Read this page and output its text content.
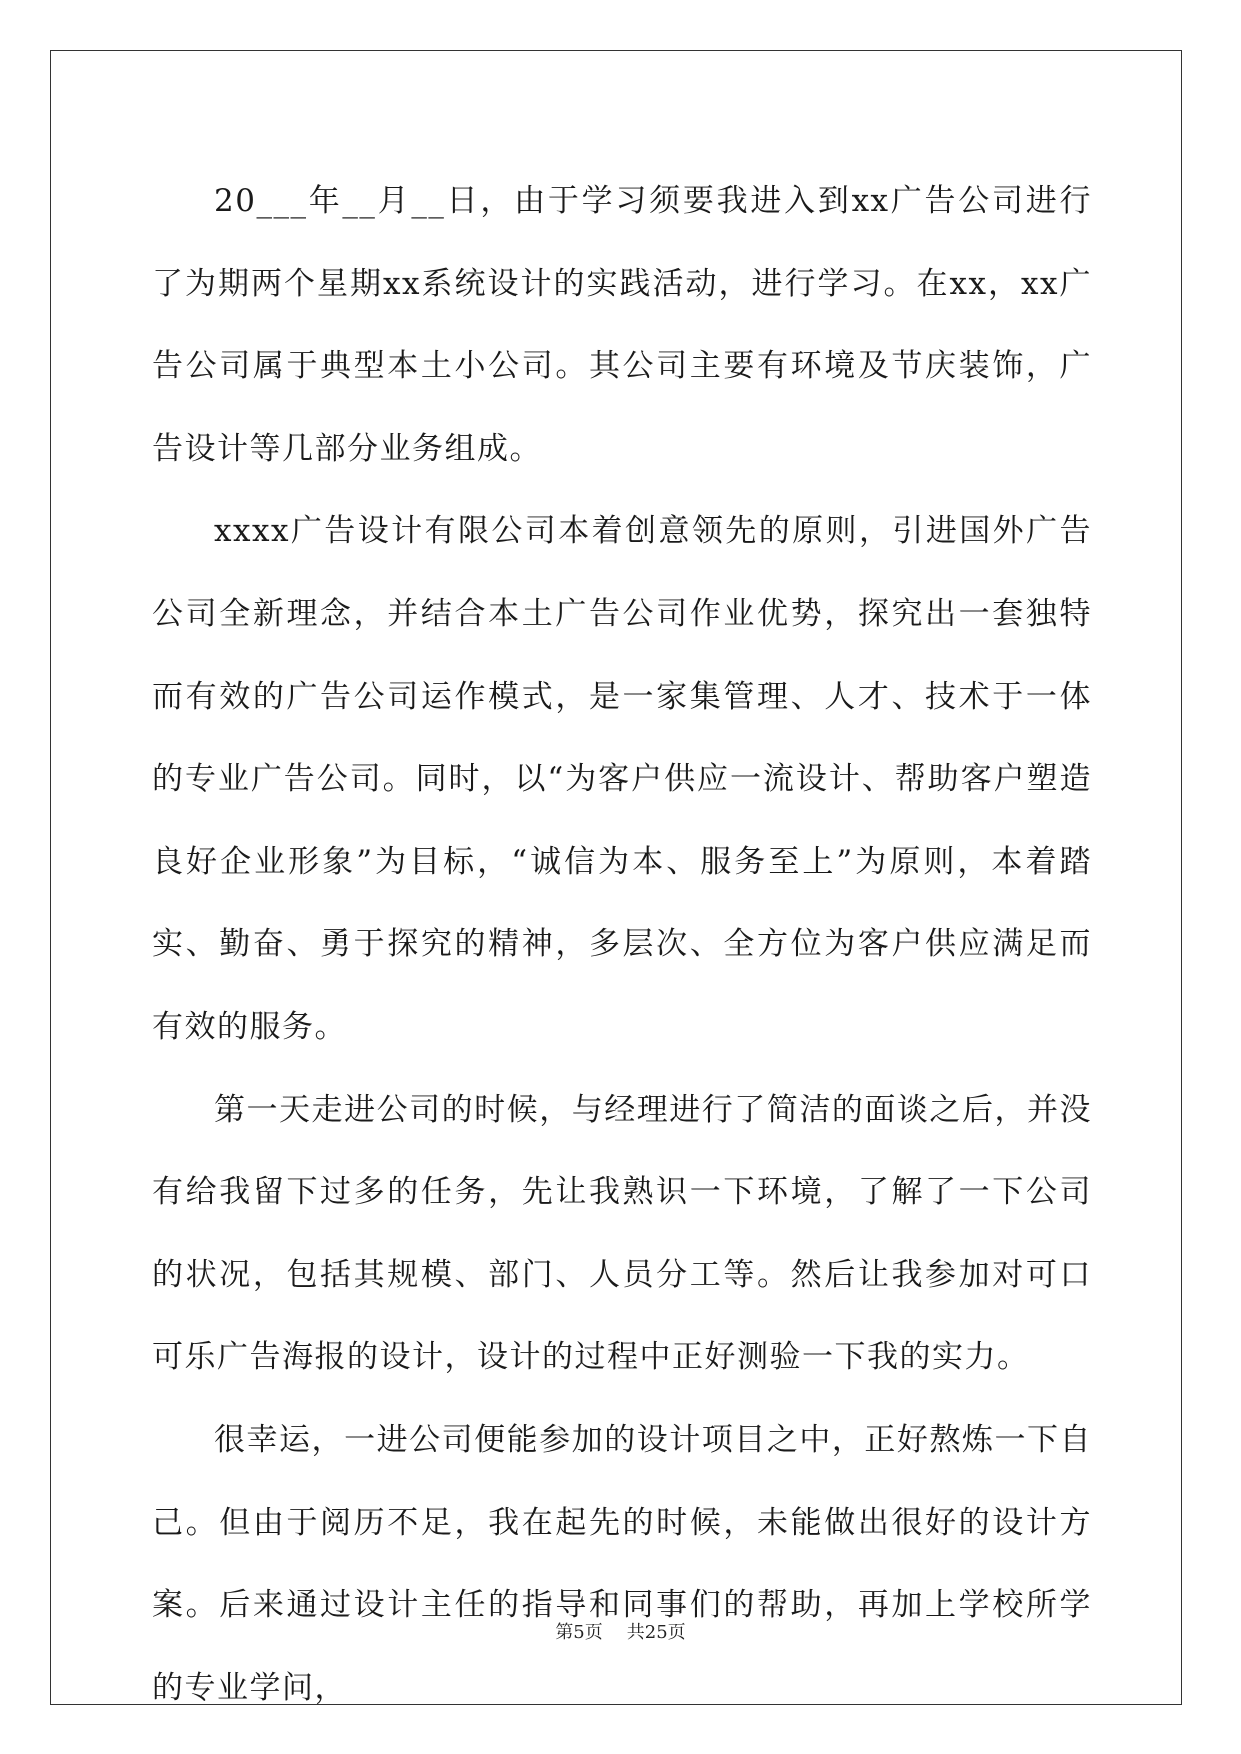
20___年__月__日，由于学习须要我进入到xx广告公司进行了为期两个星期xx系统设计的实践活动，进行学习。在xx，xx广告公司属于典型本土小公司。其公司主要有环境及节庆装饰，广告设计等几部分业务组成。

xxxx广告设计有限公司本着创意领先的原则，引进国外广告公司全新理念，并结合本土广告公司作业优势，探究出一套独特而有效的广告公司运作模式，是一家集管理、人才、技术于一体的专业广告公司。同时，以“为客户供应一流设计、帮助客户塑造良好企业形象”为目标，“诚信为本、服务至上”为原则，本着踏实、勤奋、勇于探究的精神，多层次、全方位为客户供应满足而有效的服务。

第一天走进公司的时候，与经理进行了简洁的面谈之后，并没有给我留下过多的任务，先让我熟识一下环境，了解了一下公司的状况，包括其规模、部门、人员分工等。然后让我参加对可口可乐广告海报的设计，设计的过程中正好测验一下我的实力。

很幸运，一进公司便能参加的设计项目之中，正好熬炼一下自己。但由于阅历不足，我在起先的时候，未能做出很好的设计方案。后来通过设计主任的指导和同事们的帮助，再加上学校所学的专业学问，

第5页 共25页
